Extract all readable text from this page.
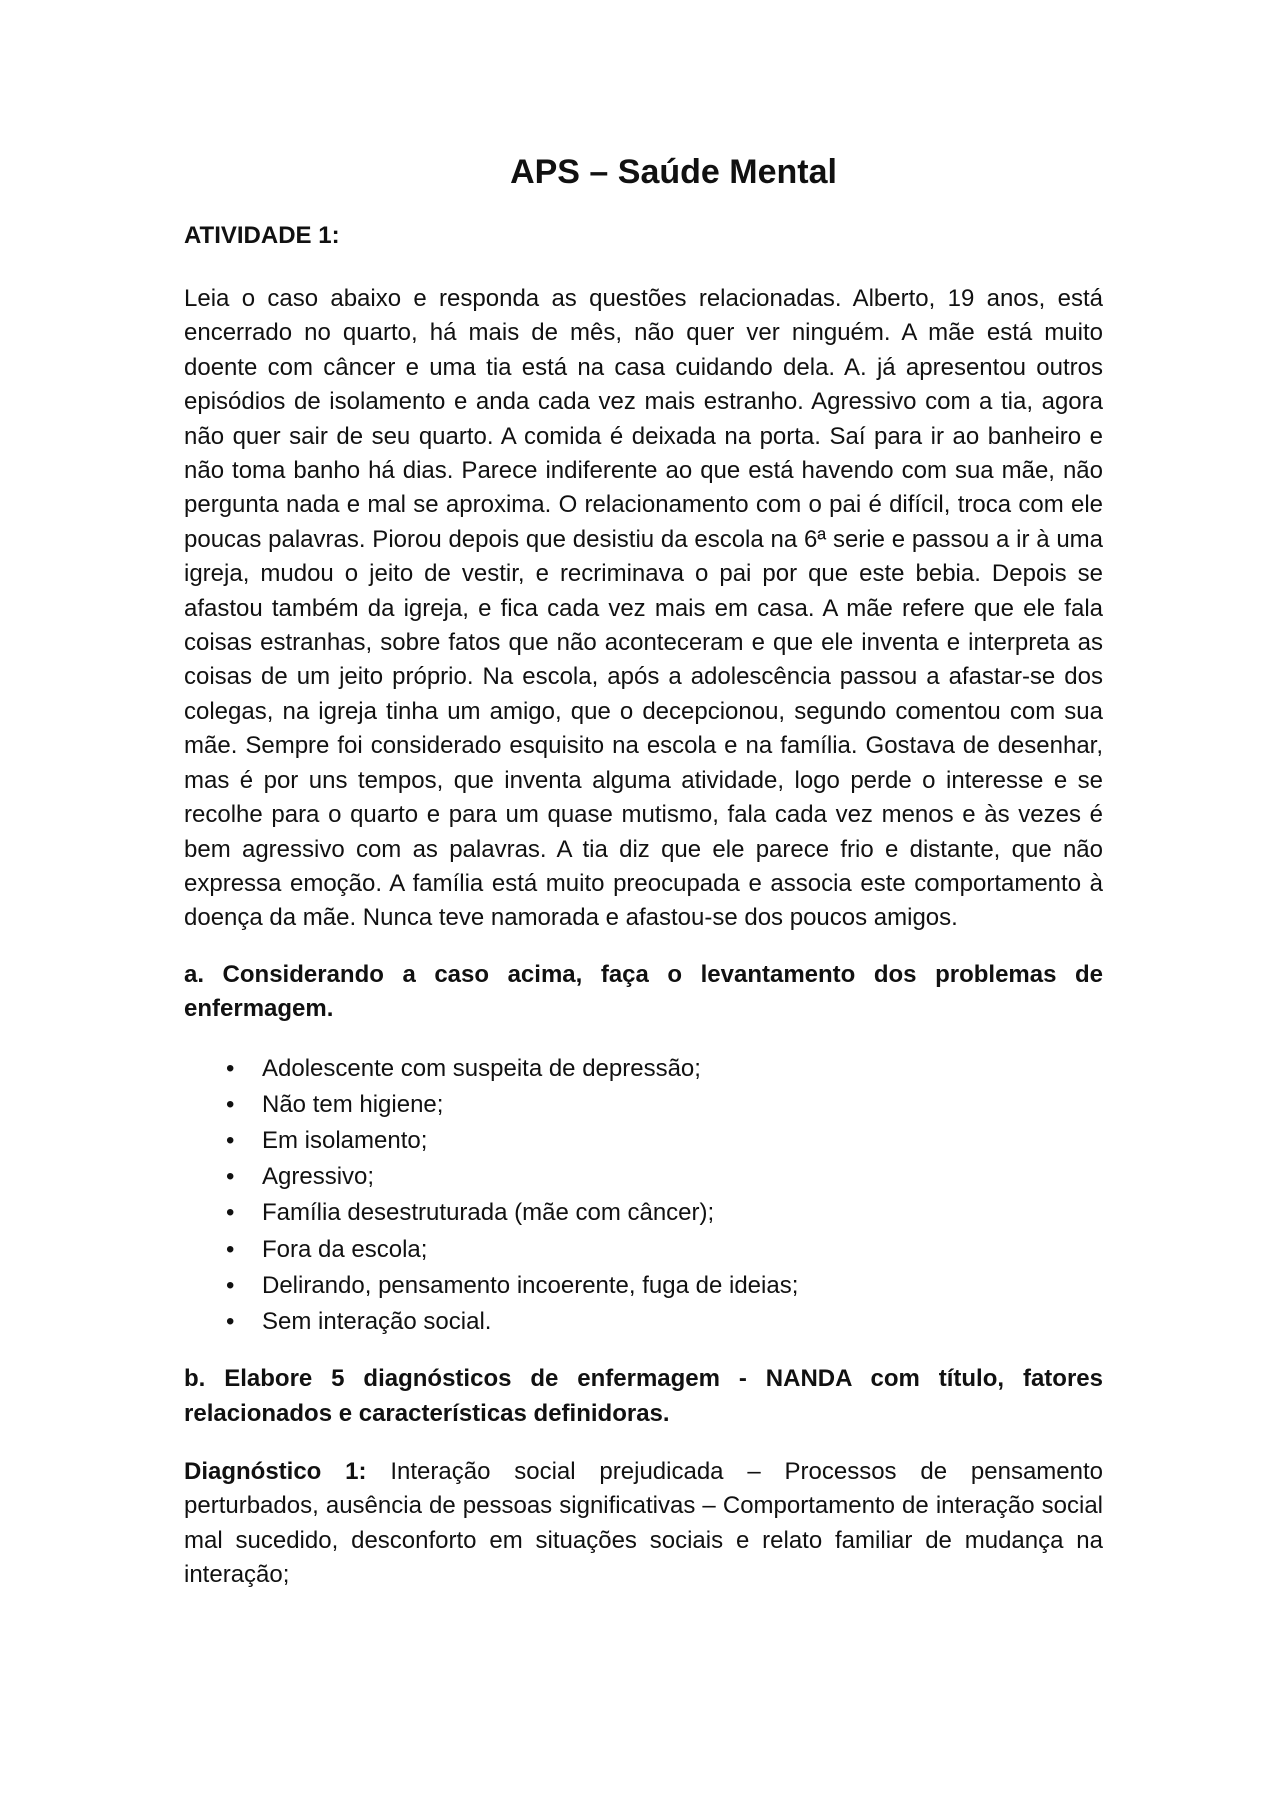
APS – Saúde Mental
ATIVIDADE 1:

Leia o caso abaixo e responda as questões relacionadas. Alberto, 19 anos, está encerrado no quarto, há mais de mês, não quer ver ninguém. A mãe está muito doente com câncer e uma tia está na casa cuidando dela. A. já apresentou outros episódios de isolamento e anda cada vez mais estranho. Agressivo com a tia, agora não quer sair de seu quarto. A comida é deixada na porta. Saí para ir ao banheiro e não toma banho há dias. Parece indiferente ao que está havendo com sua mãe, não pergunta nada e mal se aproxima. O relacionamento com o pai é difícil, troca com ele poucas palavras. Piorou depois que desistiu da escola na 6ª serie e passou a ir à uma igreja, mudou o jeito de vestir, e recriminava o pai por que este bebia. Depois se afastou também da igreja, e fica cada vez mais em casa. A mãe refere que ele fala coisas estranhas, sobre fatos que não aconteceram e que ele inventa e interpreta as coisas de um jeito próprio. Na escola, após a adolescência passou a afastar-se dos colegas, na igreja tinha um amigo, que o decepcionou, segundo comentou com sua mãe. Sempre foi considerado esquisito na escola e na família. Gostava de desenhar, mas é por uns tempos, que inventa alguma atividade, logo perde o interesse e se recolhe para o quarto e para um quase mutismo, fala cada vez menos e às vezes é bem agressivo com as palavras. A tia diz que ele parece frio e distante, que não expressa emoção. A família está muito preocupada e associa este comportamento à doença da mãe. Nunca teve namorada e afastou-se dos poucos amigos.

a. Considerando a caso acima, faça o levantamento dos problemas de enfermagem.
• Adolescente com suspeita de depressão;
• Não tem higiene;
• Em isolamento;
• Agressivo;
• Família desestruturada (mãe com câncer);
• Fora da escola;
• Delirando, pensamento incoerente, fuga de ideias;
• Sem interação social.
b. Elabore 5 diagnósticos de enfermagem - NANDA com título, fatores relacionados e características definidoras.

Diagnóstico 1: Interação social prejudicada – Processos de pensamento perturbados, ausência de pessoas significativas – Comportamento de interação social mal sucedido, desconforto em situações sociais e relato familiar de mudança na interação;
